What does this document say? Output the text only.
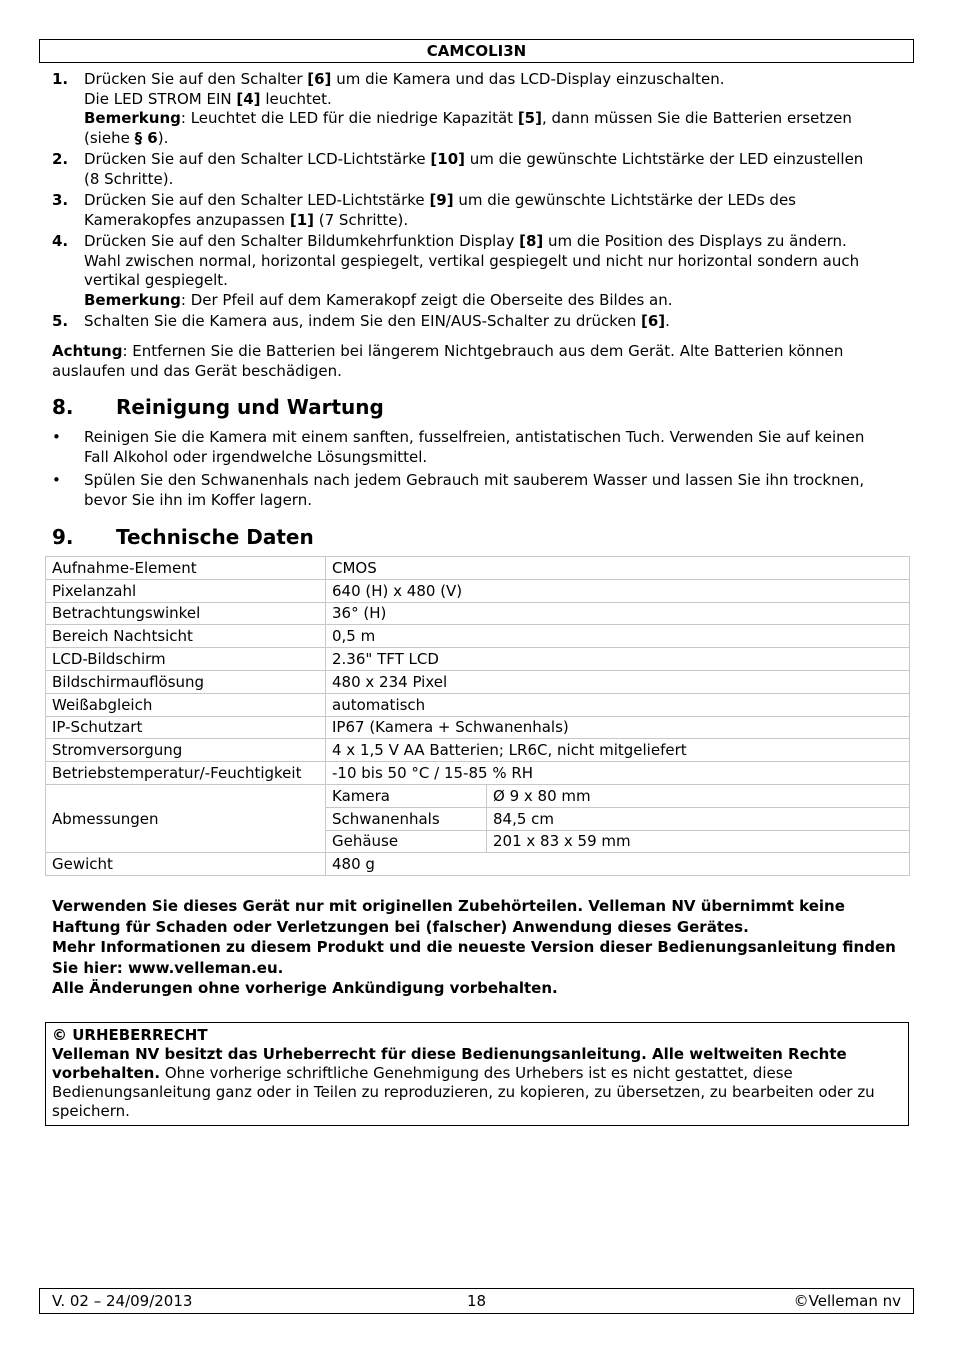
CAMCOLI3N
1.	Drücken Sie auf den Schalter [6] um die Kamera und das LCD-Display einzuschalten.

Die LED STROM EIN [4] leuchtet.

Bemerkung: Leuchtet die LED für die niedrige Kapazität [5], dann müssen Sie die Batterien ersetzen (siehe § 6).

2.	Drücken Sie auf den Schalter LCD-Lichtstärke [10] um die gewünschte Lichtstärke der LED einzustellen (8 Schritte).

3.	Drücken Sie auf den Schalter LED-Lichtstärke [9] um die gewünschte Lichtstärke der LEDs des Kamerakopfes anzupassen [1] (7 Schritte).

4.	Drücken Sie auf den Schalter Bildumkehrfunktion Display [8] um die Position des Displays zu ändern. Wahl zwischen normal, horizontal gespiegelt, vertikal gespiegelt und nicht nur horizontal sondern auch vertikal gespiegelt.

Bemerkung: Der Pfeil auf dem Kamerakopf zeigt die Oberseite des Bildes an.

5.	Schalten Sie die Kamera aus, indem Sie den EIN/AUS-Schalter zu drücken [6].

Achtung: Entfernen Sie die Batterien bei längerem Nichtgebrauch aus dem Gerät. Alte Batterien können auslaufen und das Gerät beschädigen.

8. Reinigung und Wartung
•	Reinigen Sie die Kamera mit einem sanften, fusselfreien, antistatischen Tuch. Verwenden Sie auf keinen Fall Alkohol oder irgendwelche Lösungsmittel.
•	Spülen Sie den Schwanenhals nach jedem Gebrauch mit sauberem Wasser und lassen Sie ihn trocknen, bevor Sie ihn im Koffer lagern.
9. Technische Daten
Aufnahme-Element	CMOS	
Pixelanzahl	640 (H) x 480 (V)	
Betrachtungswinkel	36° (H)	
Bereich Nachtsicht	0,5 m	
LCD-Bildschirm	2.36" TFT LCD	
Bildschirmauflösung	480 x 234 Pixel	
Weißabgleich	automatisch	
IP-Schutzart	IP67 (Kamera + Schwanenhals)	
Stromversorgung	4 x 1,5 V AA Batterien; LR6C, nicht mitgeliefert	
Betriebstemperatur/-Feuchtigkeit	-10 bis 50 °C / 15-85 % RH	
Abmessungen	Kamera	Ø 9 x 80 mm
	Schwanenhals	84,5 cm
	Gehäuse	201 x 83 x 59 mm
Gewicht	480 g	

Verwenden Sie dieses Gerät nur mit originellen Zubehörteilen. Velleman NV übernimmt keine Haftung für Schaden oder Verletzungen bei (falscher) Anwendung dieses Gerätes.

Mehr Informationen zu diesem Produkt und die neueste Version dieser Bedienungsanleitung finden Sie hier: www.velleman.eu.

Alle Änderungen ohne vorherige Ankündigung vorbehalten.

© URHEBERRECHT

Velleman NV besitzt das Urheberrecht für diese Bedienungsanleitung. Alle weltweiten Rechte vorbehalten. Ohne vorherige schriftliche Genehmigung des Urhebers ist es nicht gestattet, diese Bedienungsanleitung ganz oder in Teilen zu reproduzieren, zu kopieren, zu übersetzen, zu bearbeiten oder zu speichern.

18
V. 02 – 24/09/2013	©Velleman nv
